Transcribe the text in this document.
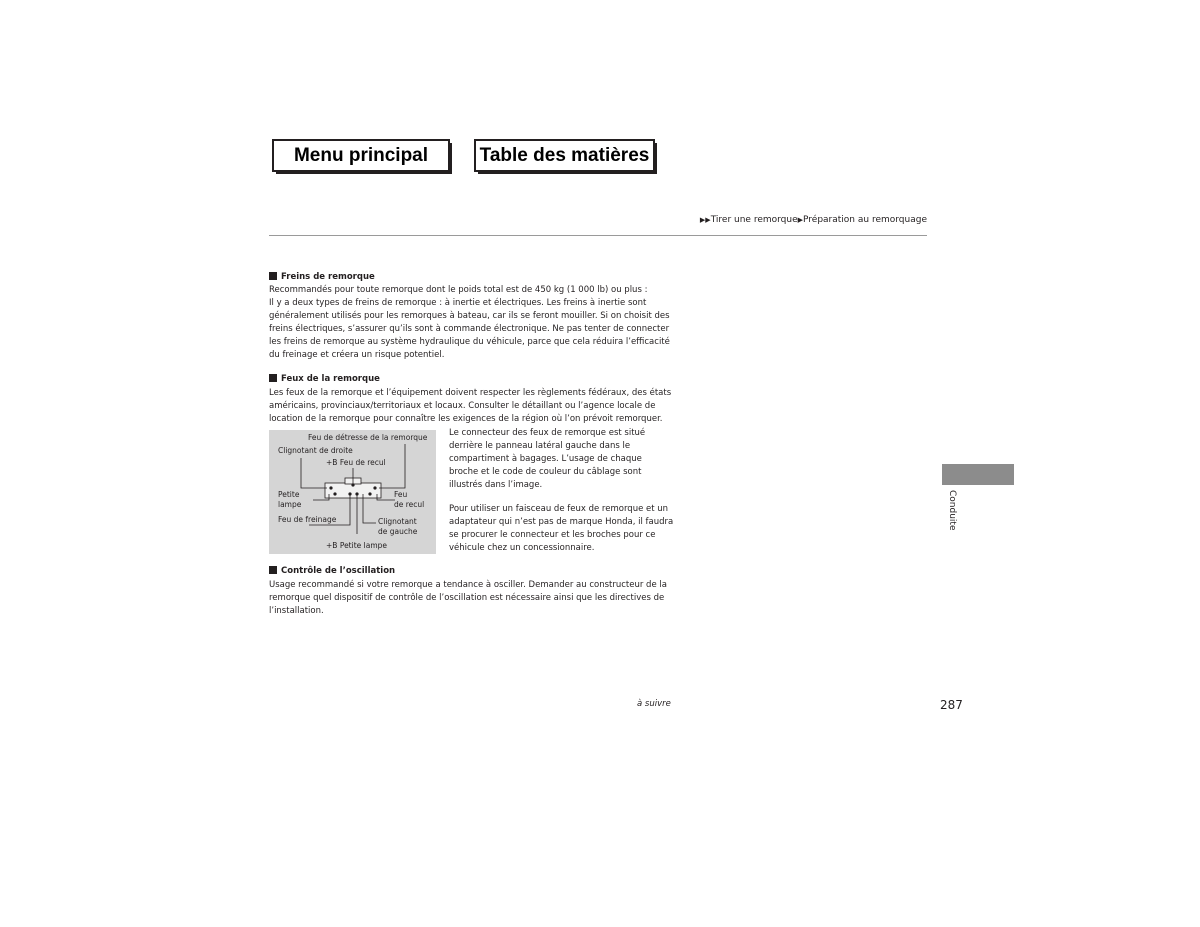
Menu principal	Table des matières
▶▶Tirer une remorque▶Préparation au remorquage
Freins de remorque
Recommandés pour toute remorque dont le poids total est de 450 kg (1 000 lb) ou plus :
Il y a deux types de freins de remorque : à inertie et électriques. Les freins à inertie sont
généralement utilisés pour les remorques à bateau, car ils se feront mouiller. Si on choisit des
freins électriques, s’assurer qu’ils sont à commande électronique. Ne pas tenter de connecter
les freins de remorque au système hydraulique du véhicule, parce que cela réduira l’efficacité
du freinage et créera un risque potentiel.
Feux de la remorque
Les feux de la remorque et l’équipement doivent respecter les règlements fédéraux, des états
américains, provinciaux/territoriaux et locaux. Consulter le détaillant ou l’agence locale de
location de la remorque pour connaître les exigences de la région où l’on prévoit remorquer.
Feu de détresse de la remorque
Clignotant de droite
+B Feu de recul
Petite
lampe
Feu
de recul
Feu de freinage	Clignotant
de gauche
+B Petite lampe
Le connecteur des feux de remorque est situé
derrière le panneau latéral gauche dans le
compartiment à bagages. L’usage de chaque
broche et le code de couleur du câblage sont
illustrés dans l’image.
Pour utiliser un faisceau de feux de remorque et un
adaptateur qui n’est pas de marque Honda, il faudra
se procurer le connecteur et les broches pour ce
véhicule chez un concessionnaire.
Contrôle de l’oscillation
Usage recommandé si votre remorque a tendance à osciller. Demander au constructeur de la
remorque quel dispositif de contrôle de l’oscillation est nécessaire ainsi que les directives de
l’installation.
Conduite
à suivre	287
